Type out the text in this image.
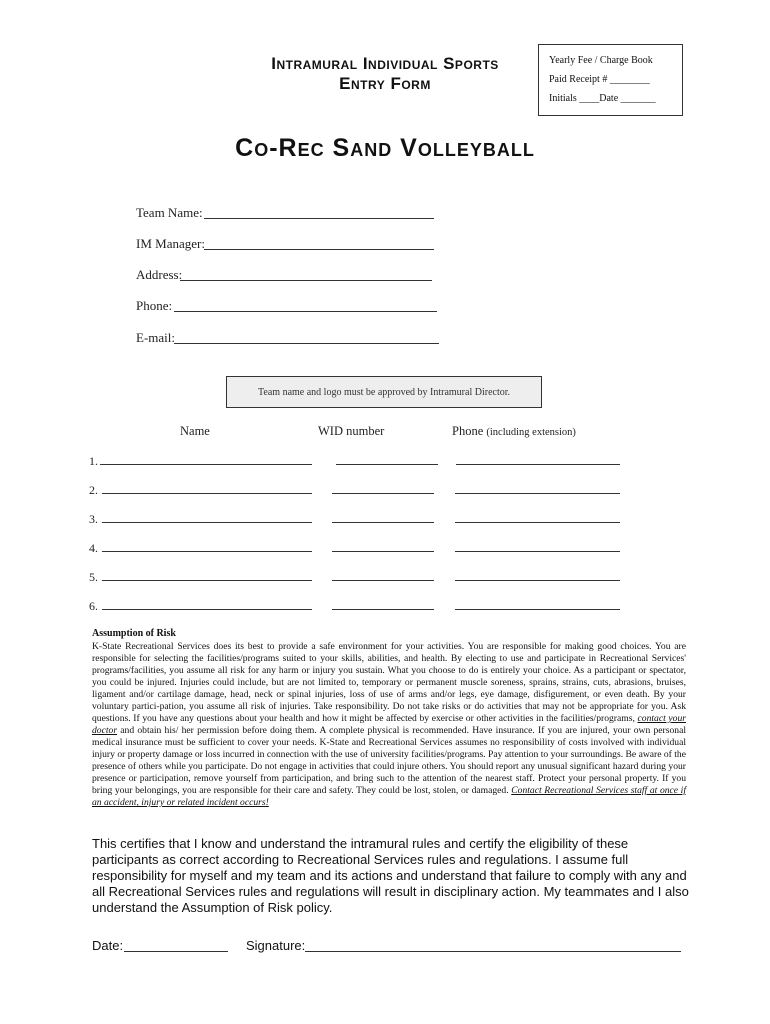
Intramural Individual Sports
Entry Form
Yearly Fee / Charge Book
Paid Receipt # ________
Initials ____Date _______
Co-Rec Sand Volleyball
Team Name:
IM Manager:
Address:
Phone:
E-mail:
Team name and logo must be approved by Intramural Director.
Name	WID number	Phone (including extension)
1.
2.
3.
4.
5.
6.
Assumption of Risk
K-State Recreational Services does its best to provide a safe environment for your activities. You are responsible for making good choices. You are responsible for selecting the facilities/programs suited to your skills, abilities, and health. By electing to use and participate in Recreational Services' programs/facilities, you assume all risk for any harm or injury you sustain. What you choose to do is entirely your choice. As a participant or spectator, you could be injured. Injuries could include, but are not limited to, temporary or permanent muscle soreness, sprains, strains, cuts, abrasions, bruises, ligament and/or cartilage damage, head, neck or spinal injuries, loss of use of arms and/or legs, eye damage, disfigurement, or even death. By your voluntary partici-pation, you assume all risk of injuries. Take responsibility. Do not take risks or do activities that may not be appropriate for you. Ask questions. If you have any questions about your health and how it might be affected by exercise or other activities in the facilities/programs, contact your doctor and obtain his/ her permission before doing them. A complete physical is recommended. Have insurance. If you are injured, your own personal medical insurance must be sufficient to cover your needs. K-State and Recreational Services assumes no responsibility of costs involved with individual injury or property damage or loss incurred in connection with the use of university facilities/programs. Pay attention to your surroundings. Be aware of the presence of others while you participate. Do not engage in activities that could injure others. You should report any unusual significant hazard during your presence or participation, remove yourself from participation, and bring such to the attention of the nearest staff. Protect your personal property. If you bring your belongings, you are responsible for their care and safety. They could be lost, stolen, or damaged. Contact Recreational Services staff at once if an accident, injury or related incident occurs!
This certifies that I know and understand the intramural rules and certify the eligibility of these participants as correct according to Recreational Services rules and regulations. I assume full responsibility for myself and my team and its actions and understand that failure to comply with any and all Recreational Services rules and regulations will result in disciplinary action. My teammates and I also understand the Assumption of Risk policy.
Date:	Signature:
